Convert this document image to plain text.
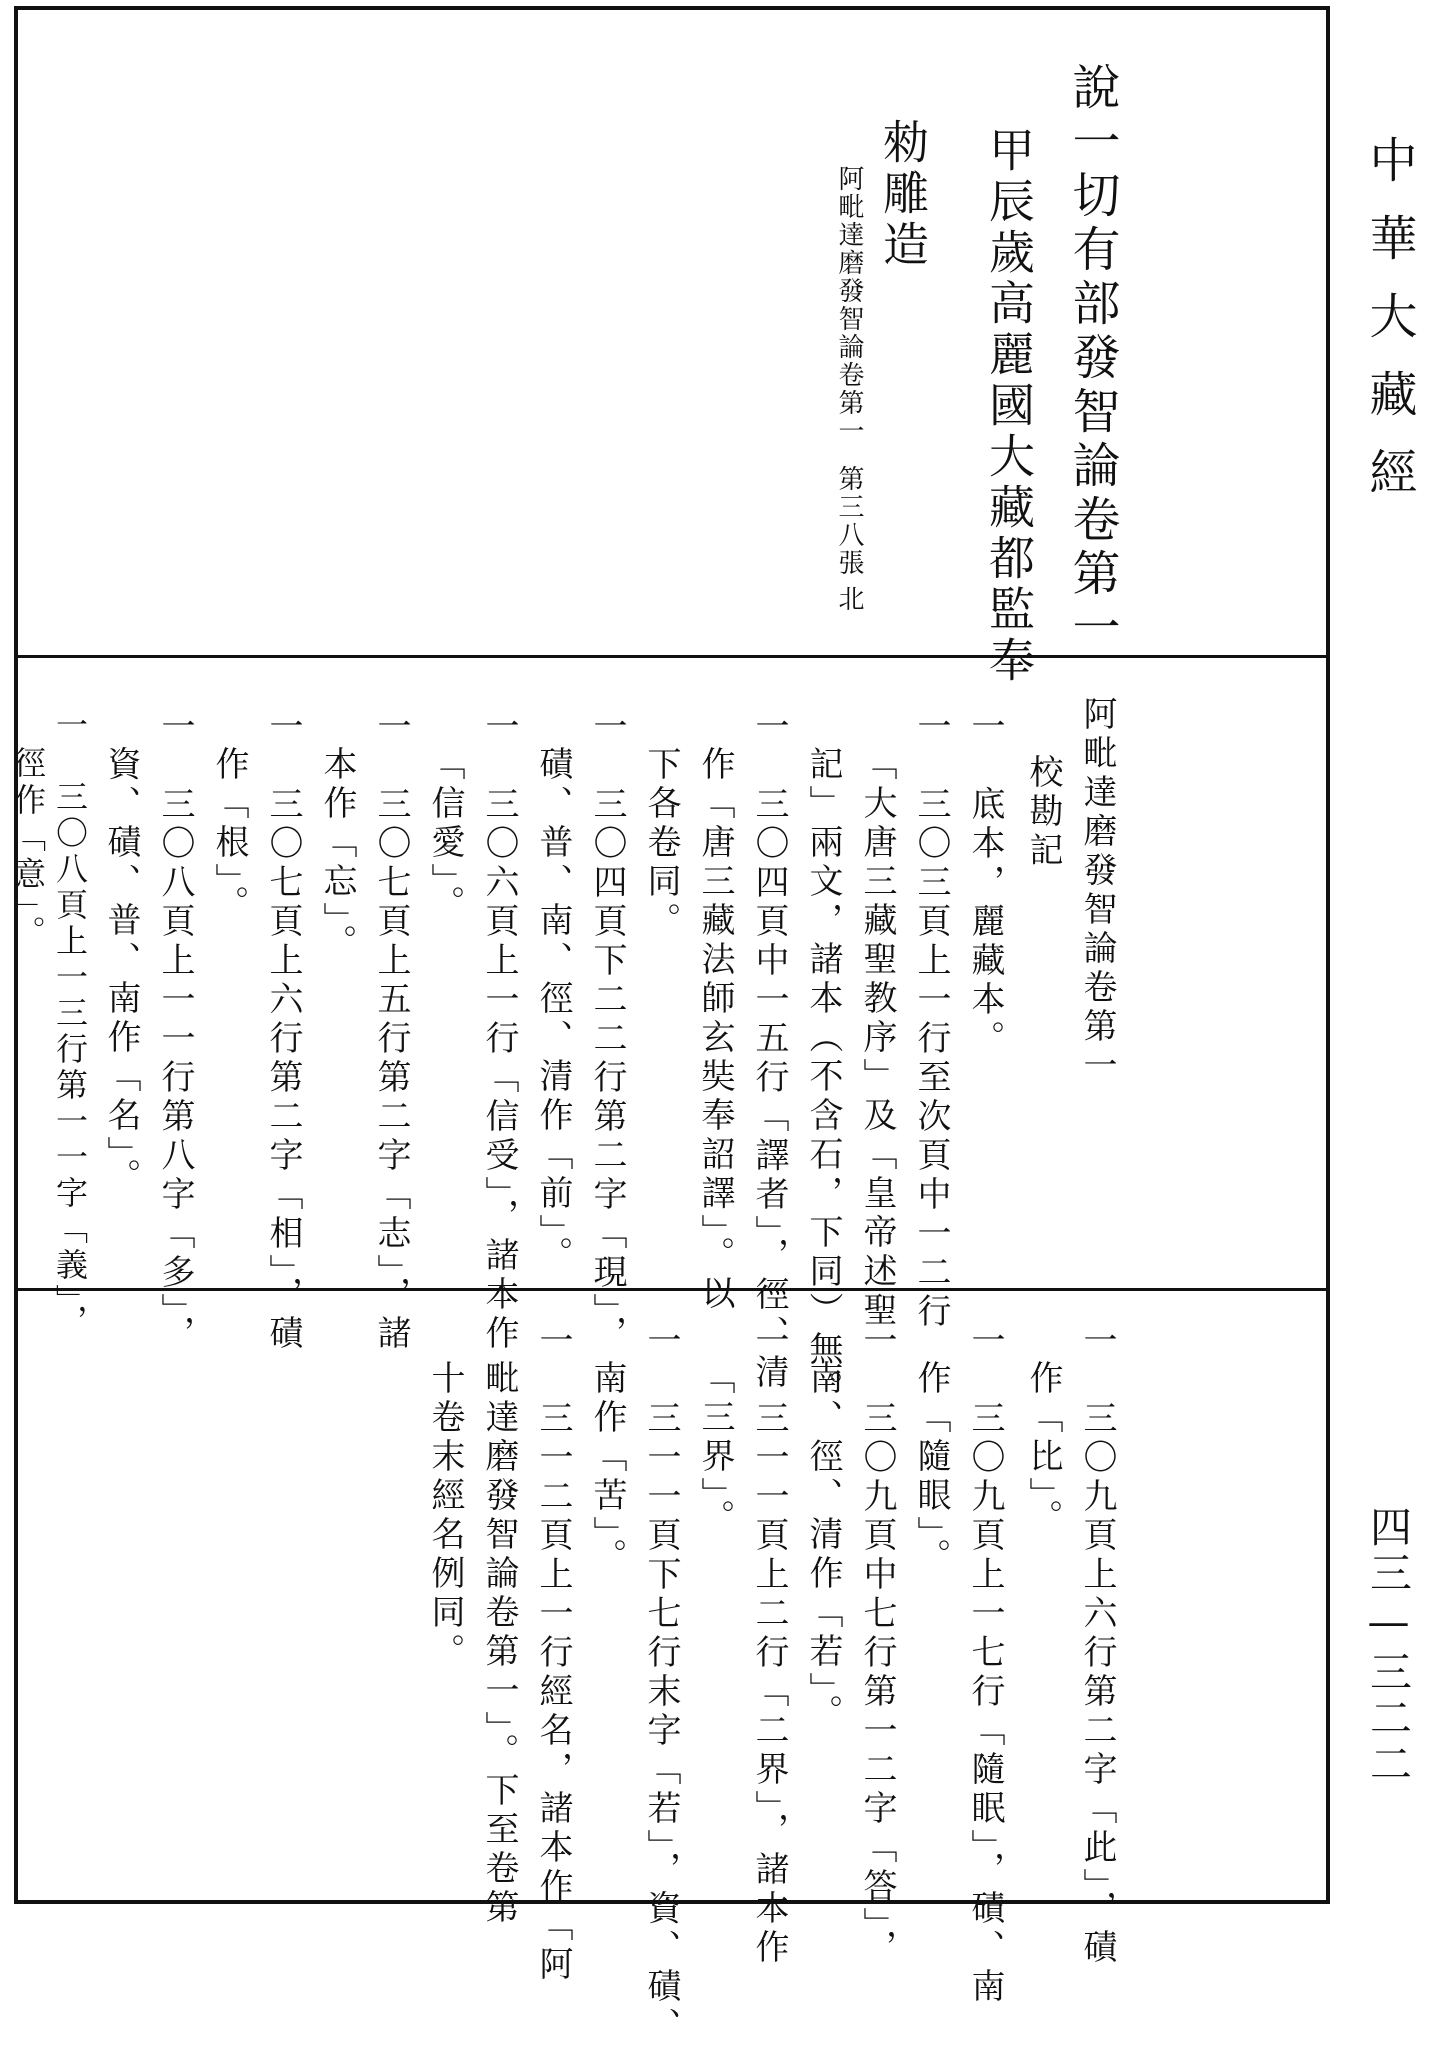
中華大藏經
四三—三二二
說一切有部發智論卷第一
甲辰歲高麗國大藏都監奉
勑雕造
阿毗達磨發智論卷第一
第三八張
北
阿毗達磨發智論卷第一
校勘記
一　底本，麗藏本。
一　三〇三頁上一行至次頁中一二行
「大唐三藏聖教序」及「皇帝述聖
記」兩文，諸本（不含石，下同）無。
一　三〇四頁中一五行「譯者」，徑、清
作「唐三藏法師玄奘奉詔譯」。以
下各卷同。
一　三〇四頁下二二行第二字「現」，
磧、普、南、徑、清作「前」。
一　三〇六頁上一行「信受」，諸本作
「信愛」。
一　三〇七頁上五行第二字「志」，諸
本作「忘」。
一　三〇七頁上六行第二字「相」，磧
作「根」。
一　三〇八頁上一一行第八字「多」，
資、磧、普、南作「名」。
一　三〇八頁上一三行第一一字「義」，
徑作「意」。
一　三〇九頁上六行第二字「此」，磧
作「比」。
一　三〇九頁上一七行「隨眠」，磧、南
作「隨眼」。
一　三〇九頁中七行第一二字「答」，
南、徑、清作「若」。
一　三一一頁上二行「二界」，諸本作
「三界」。
一　三一一頁下七行末字「若」，資、磧、
南作「苦」。
一　三一二頁上一行經名，諸本作「阿
毗達磨發智論卷第一」。下至卷第
十卷末經名例同。
